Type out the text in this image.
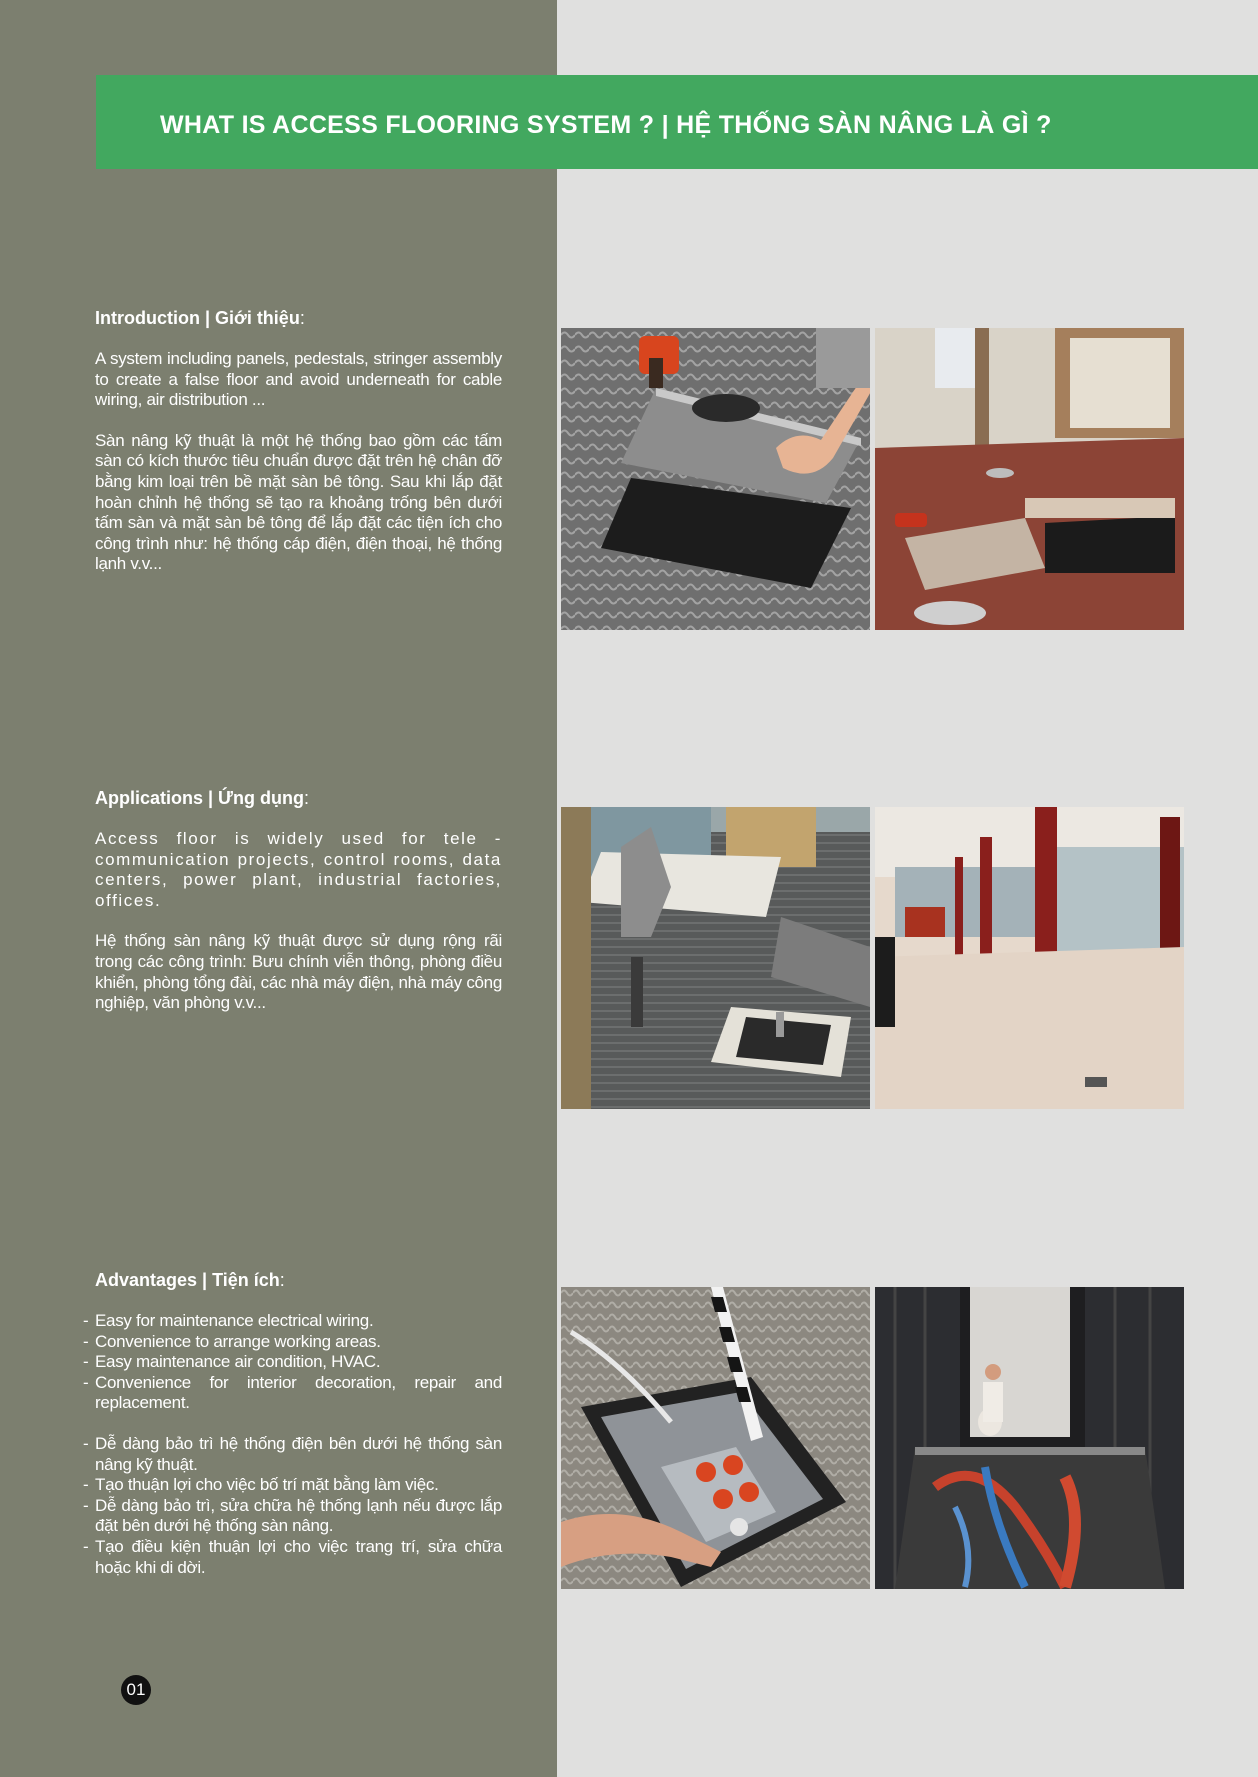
WHAT IS ACCESS FLOORING SYSTEM ? | HỆ THỐNG SÀN NÂNG LÀ GÌ ?
Introduction | Giới thiệu:

A system including panels, pedestals, stringer assembly to create a false floor and avoid underneath for cable wiring, air distribution ...

Sàn nâng kỹ thuật là một hệ thống bao gồm các tấm sàn có kích thước tiêu chuẩn được đặt trên hệ chân đỡ bằng kim loại trên bề mặt sàn bê tông. Sau khi lắp đặt hoàn chỉnh hệ thống sẽ tạo ra khoảng trống bên dưới tấm sàn và mặt sàn bê tông để lắp đặt các tiện ích cho công trình như: hệ thống cáp điện, điện thoại, hệ thống lạnh v.v...

Applications | Ứng dụng:

Access floor is widely used for tele - communication projects, control rooms, data centers, power plant, industrial factories, offices.

Hệ thống sàn nâng kỹ thuật được sử dụng rộng rãi trong các công trình: Bưu chính viễn thông, phòng điều khiển, phòng tổng đài, các nhà máy điện, nhà máy công nghiệp, văn phòng v.v...

Advantages | Tiện ích:
- Easy for maintenance electrical wiring.
- Convenience to arrange working areas.
- Easy maintenance air condition, HVAC.
- Convenience for interior decoration, repair and replacement.
- Dễ dàng bảo trì hệ thống điện bên dưới hệ thống sàn nâng kỹ thuật.
- Tạo thuận lợi cho việc bố trí mặt bằng làm việc.
- Dễ dàng bảo trì, sửa chữa hệ thống lạnh nếu được lắp đặt bên dưới hệ thống sàn nâng.
- Tạo điều kiện thuận lợi cho việc trang trí, sửa chữa hoặc khi di dời.
01
